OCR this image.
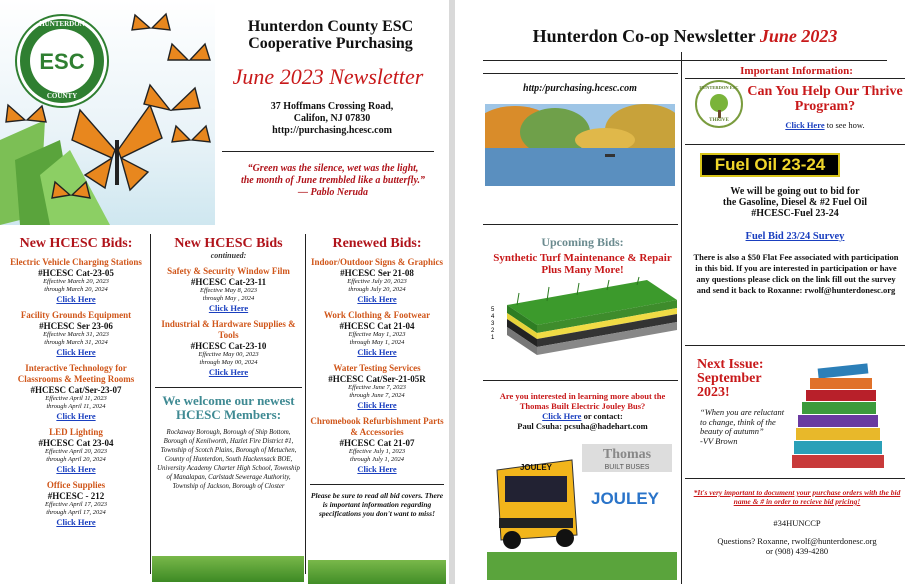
ESC
HUNTERDON
COUNTY
Hunterdon County ESC
Cooperative Purchasing
June 2023 Newsletter
37 Hoffmans Crossing Road,
Califon, NJ 07830
http://purchasing.hcesc.com
“Green was the silence, wet was the light,
the month of June trembled like a butterfly.”
— Pablo Neruda
New HCESC Bids:
Electric Vehicle Charging Stations
#HCESC Cat-23-05
Effective March 20, 2023
through March 20, 2024
Click Here
Facility Grounds Equipment
#HCESC Ser 23-06
Effective March 31, 2023
through March 31, 2024
Click Here
Interactive Technology for Classrooms & Meeting Rooms
#HCESC Cat/Ser-23-07
Effective April 11, 2023
through April 11, 2024
Click Here
LED Lighting
#HCESC Cat 23-04
Effective April 20, 2023
through April 20, 2024
Click Here
Office Supplies
#HCESC - 212
Effective April 17, 2023
through April 17, 2024
Click Here
New HCESC Bids
continued:
Safety & Security Window Film
#HCESC Cat-23-11
Effective May 8, 2023
through May , 2024
Click Here
Industrial & Hardware Supplies & Tools
#HCESC Cat-23-10
Effective May 00, 2023
through May 00, 2024
Click Here
We welcome our newest HCESC Members:
Rockaway Borough, Borough of Ship Bottom, Borough of Kenilworth, Hazlet Fire District #1, Township of Scotch Plains, Borough of Metuchen, County of Hunterdon, South Hackensack BOE, University Academy Charter High School, Township of Manalapan, Carlstadt Sewerage Authority, Township of Jackson, Borough of Closter
Renewed Bids:
Indoor/Outdoor Signs & Graphics
#HCESC Ser 21-08
Effective July 20, 2023
through July 20, 2024
Click Here
Work Clothing & Footwear
#HCESC Cat 21-04
Effective May 1, 2023
through May 1, 2024
Click Here
Water Testing Services
#HCESC Cat/Ser-21-05R
Effective June 7, 2023
through June 7, 2024
Click Here
Chromebook Refurbishment Parts & Accessories
#HCESC Cat 21-07
Effective July 1, 2023
through July 1, 2024
Click Here
Please be sure to read all bid covers. There is important information regarding specifications you don't want to miss!
Hunterdon Co-op Newsletter June 2023
http:/purchasing.hcesc.com
Upcoming Bids:
Synthetic Turf Maintenance & Repair Plus Many More!
5
4
3
2
1
Are you interested in learning more about the Thomas Built Electric Jouley Bus?
Click Here or contact:
Paul Csuha: pcsuha@hadehart.com
Thomas
BUILT BUSES
JOULEY
JOULEY
Important Information:
HUNTERDON ESC
THRIVE
Can You Help Our Thrive Program?
Click Here to see how.
Fuel Oil 23-24
We will be going out to bid for
the Gasoline, Diesel & #2 Fuel Oil
#HCESC-Fuel 23-24
Fuel Bid 23/24 Survey
There is also a $50 Flat Fee associated with participation in this bid. If you are interested in participation or have any questions please click on the link fill out the survey and send it back to Roxanne: rwolf@hunterdonesc.org
Next Issue: September 2023!
“When you are reluctant to change, think of the beauty of autumn”
-VV Brown
*It's very important to document your purchase orders with the bid name & # in order to recieve bid pricing!
#34HUNCCP
Questions? Roxanne, rwolf@hunterdonesc.org
or (908) 439-4280
